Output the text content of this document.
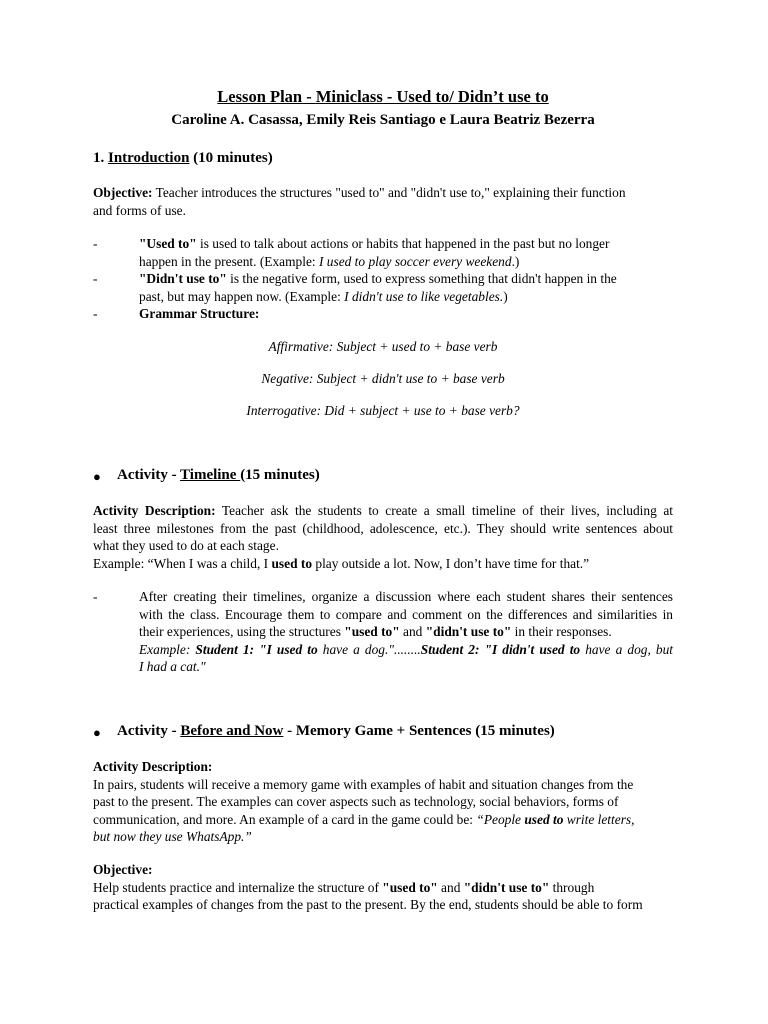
Lesson Plan - Miniclass - Used to/ Didn’t use to
Caroline A. Casassa, Emily Reis Santiago e Laura Beatriz Bezerra
1. Introduction (10 minutes)
Objective: Teacher introduces the structures "used to" and "didn't use to," explaining their function
and forms of use.
-	"Used to" is used to talk about actions or habits that happened in the past but no longer
happen in the present. (Example: I used to play soccer every weekend.)
-	"Didn't use to" is the negative form, used to express something that didn't happen in the
past, but may happen now. (Example: I didn't use to like vegetables.)
-	Grammar Structure:
Affirmative: Subject + used to + base verb
Negative: Subject + didn't use to + base verb
Interrogative: Did + subject + use to + base verb?
● Activity - Timeline (15 minutes)
Activity Description: Teacher ask the students to create a small timeline of their lives, including at
least three milestones from the past (childhood, adolescence, etc.). They should write sentences about
what they used to do at each stage.
Example: “When I was a child, I used to play outside a lot. Now, I don’t have time for that.”
-	After creating their timelines, organize a discussion where each student shares their sentences
with the class. Encourage them to compare and comment on the differences and similarities in
their experiences, using the structures "used to" and "didn't use to" in their responses.
Example: Student 1: "I used to have a dog."........Student 2: "I didn't used to have a dog, but
I had a cat."
● Activity - Before and Now - Memory Game + Sentences (15 minutes)
Activity Description:
In pairs, students will receive a memory game with examples of habit and situation changes from the
past to the present. The examples can cover aspects such as technology, social behaviors, forms of
communication, and more. An example of a card in the game could be: “People used to write letters,
but now they use WhatsApp.”
Objective:
Help students practice and internalize the structure of "used to" and "didn't use to" through
practical examples of changes from the past to the present. By the end, students should be able to form
